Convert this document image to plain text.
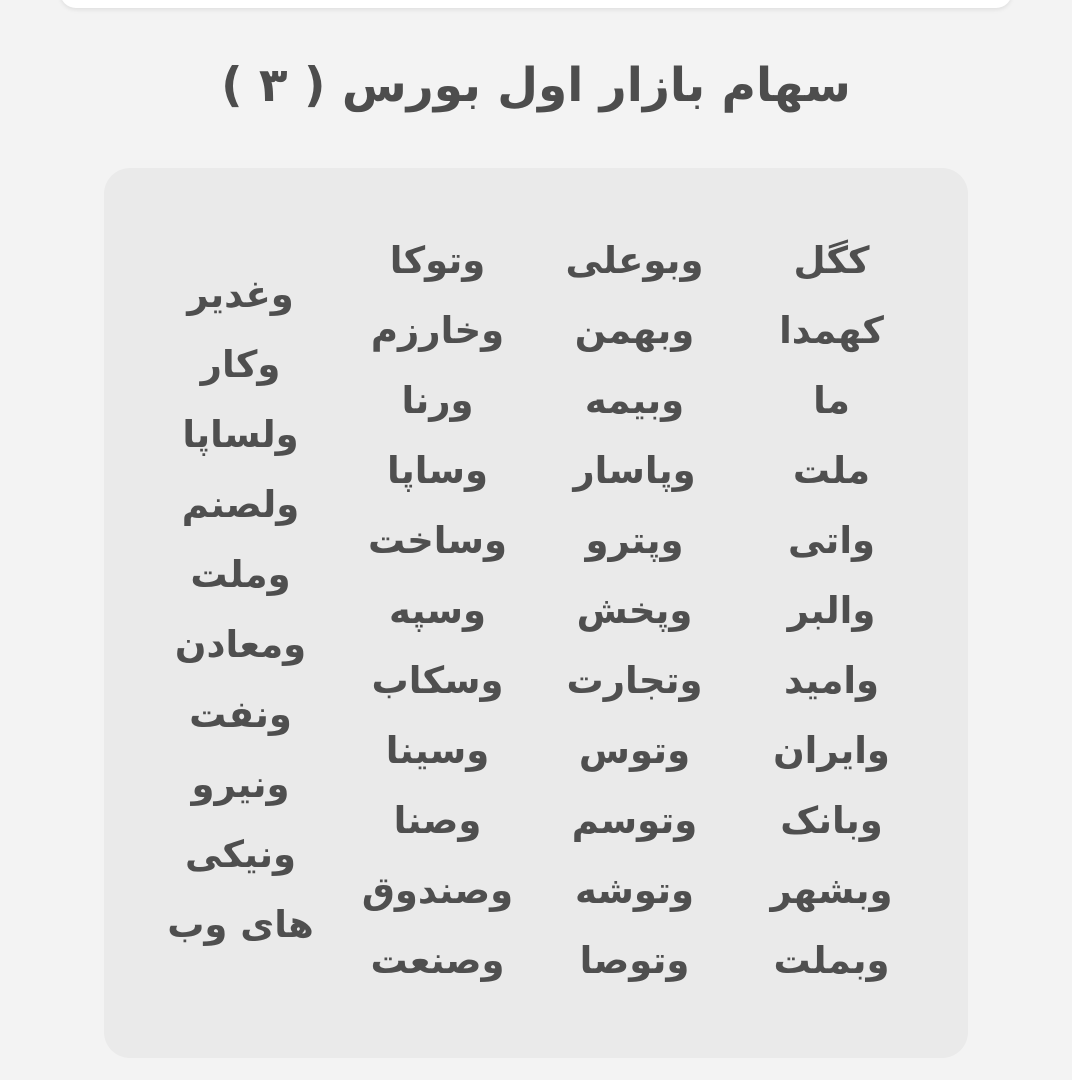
سهام بازار اول بورس ( ۳ )
کگل
کهمدا
ما
ملت
واتی
والبر
وامید
وایران
وبانک
وبشهر
وبملت
وبوعلی
وبهمن
وبیمه
وپاسار
وپترو
وپخش
وتجارت
وتوس
وتوسم
وتوشه
وتوصا
وتوکا
وخارزم
ورنا
وساپا
وساخت
وسپه
وسکاب
وسینا
وصنا
وصندوق
وصنعت
وغدیر
وکار
ولساپا
ولصنم
وملت
ومعادن
ونفت
ونیرو
ونیکی
های وب
